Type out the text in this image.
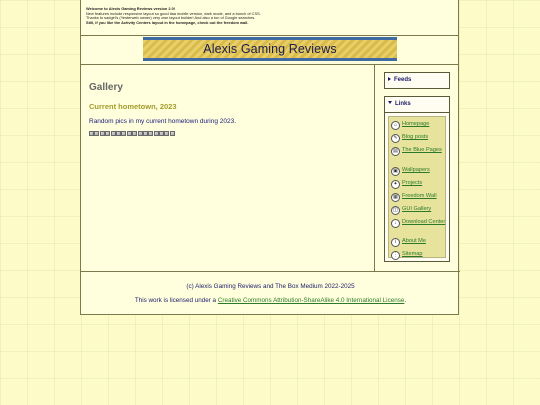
Welcome to Alexis Gaming Reviews version 2.0!

New features include responsive layout so good tiaa mobile version, dark mode, and a bunch of CSS.

Thanks to sadgirl's (Yesterweb owner) very own layout builder! And also a ton of Google searches.

Still, if you like the Activity Centers layout in the homepage, check out the freedom wall.

Alexis Gaming Reviews
Gallery
Current hometown, 2023
Random pics in my current hometown during 2023.
Feeds
Links
⌂ Homepage
✎ Blog posts
▤ The Blue Pages
▣ Wallpapers
✦ Projects
▦ Freedom Wall
◫ GUI Gallery
↓ Download Center
i	About Me
⋮ Sitemap
(c) Alexis Gaming Reviews and The Box Medium 2022-2025
This work is licensed under a Creative Commons Attribution-ShareAlike 4.0 International License.
